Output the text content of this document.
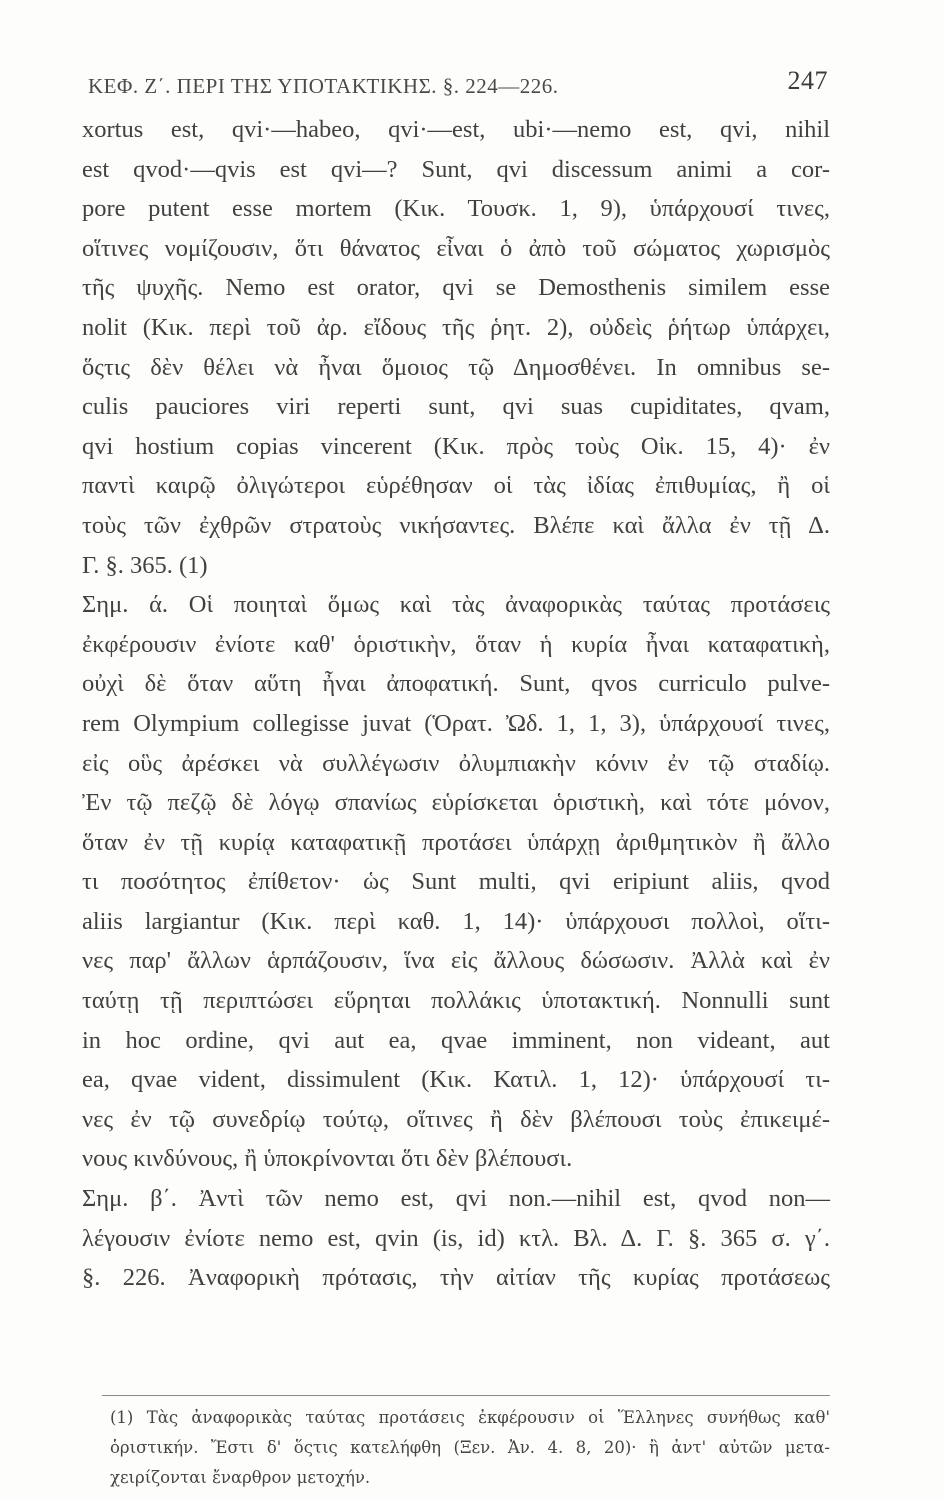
ΚΕΦ. Ζ΄. ΠΕΡΙ ΤΗΣ ΥΠΟΤΑΚΤΙΚΗΣ. §. 224—226.	247
xortus est, qvi·—habeo, qvi·—est, ubi·—nemo est, qvi, nihil
est qvod·—qvis est qvi—? Sunt, qvi discessum animi a cor-
pore putent esse mortem (Κικ. Τουσκ. 1, 9), ὑπάρχουσί τινες,
οἵτινες νομίζουσιν, ὅτι θάνατος εἶναι ὁ ἀπὸ τοῦ σώματος χωρισμὸς
τῆς ψυχῆς. Nemo est orator, qvi se Demosthenis similem esse
nolit (Κικ. περὶ τοῦ ἀρ. εἴδους τῆς ῥητ. 2), οὐδεὶς ῥήτωρ ὑπάρχει,
ὅςτις δὲν θέλει νὰ ἦναι ὅμοιος τῷ Δημοσθένει. In omnibus se-
culis pauciores viri reperti sunt, qvi suas cupiditates, qvam,
qvi hostium copias vincerent (Κικ. πρὸς τοὺς Οἰκ. 15, 4)· ἐν
παντὶ καιρῷ ὀλιγώτεροι εὑρέθησαν οἱ τὰς ἰδίας ἐπιθυμίας, ἢ οἱ
τοὺς τῶν ἐχθρῶν στρατοὺς νικήσαντες. Βλέπε καὶ ἄλλα ἐν τῇ Δ.
Γ. §. 365. (1)
Σημ. ά. Οἱ ποιηταὶ ὅμως καὶ τὰς ἀναφορικὰς ταύτας προτάσεις
ἐκφέρουσιν ἐνίοτε καθ' ὁριστικὴν, ὅταν ἡ κυρία ἦναι καταφατικὴ,
οὐχὶ δὲ ὅταν αὕτη ἦναι ἀποφατική. Sunt, qvos curriculo pulve-
rem Olympium collegisse juvat (Ὁρατ. Ὠδ. 1, 1, 3), ὑπάρχουσί τινες,
εἰς οὓς ἀρέσκει νὰ συλλέγωσιν ὀλυμπιακὴν κόνιν ἐν τῷ σταδίῳ.
Ἐν τῷ πεζῷ δὲ λόγῳ σπανίως εὑρίσκεται ὁριστικὴ, καὶ τότε μόνον,
ὅταν ἐν τῇ κυρίᾳ καταφατικῇ προτάσει ὑπάρχῃ ἀριθμητικὸν ἢ ἄλλο
τι ποσότητος ἐπίθετον· ὡς Sunt multi, qvi eripiunt aliis, qvod
aliis largiantur (Κικ. περὶ καθ. 1, 14)· ὑπάρχουσι πολλοὶ, οἵτι-
νες παρ' ἄλλων ἁρπάζουσιν, ἵνα εἰς ἄλλους δώσωσιν. Ἀλλὰ καὶ ἐν
ταύτῃ τῇ περιπτώσει εὕρηται πολλάκις ὑποτακτική. Nonnulli sunt
in hoc ordine, qvi aut ea, qvae imminent, non videant, aut
ea, qvae vident, dissimulent (Κικ. Κατιλ. 1, 12)· ὑπάρχουσί τι-
νες ἐν τῷ συνεδρίῳ τούτῳ, οἵτινες ἢ δὲν βλέπουσι τοὺς ἐπικειμέ-
νους κινδύνους, ἢ ὑποκρίνονται ὅτι δὲν βλέπουσι.
Σημ. β΄. Ἀντὶ τῶν nemo est, qvi non.—nihil est, qvod non—
λέγουσιν ἐνίοτε nemo est, qvin (is, id) κτλ. Βλ. Δ. Γ. §. 365 σ. γ΄.
§. 226. Ἀναφορικὴ πρότασις, τὴν αἰτίαν τῆς κυρίας προτάσεως
(1) Τὰς ἀναφορικὰς ταύτας προτάσεις ἐκφέρουσιν οἱ Ἕλληνες συνήθως καθ'
ὁριστικήν. Ἔστι δ' ὅςτις κατελήφθη (Ξεν. Ἀν. 4. 8, 20)· ἢ ἀντ' αὐτῶν μετα-
χειρίζονται ἔναρθρον μετοχήν.
